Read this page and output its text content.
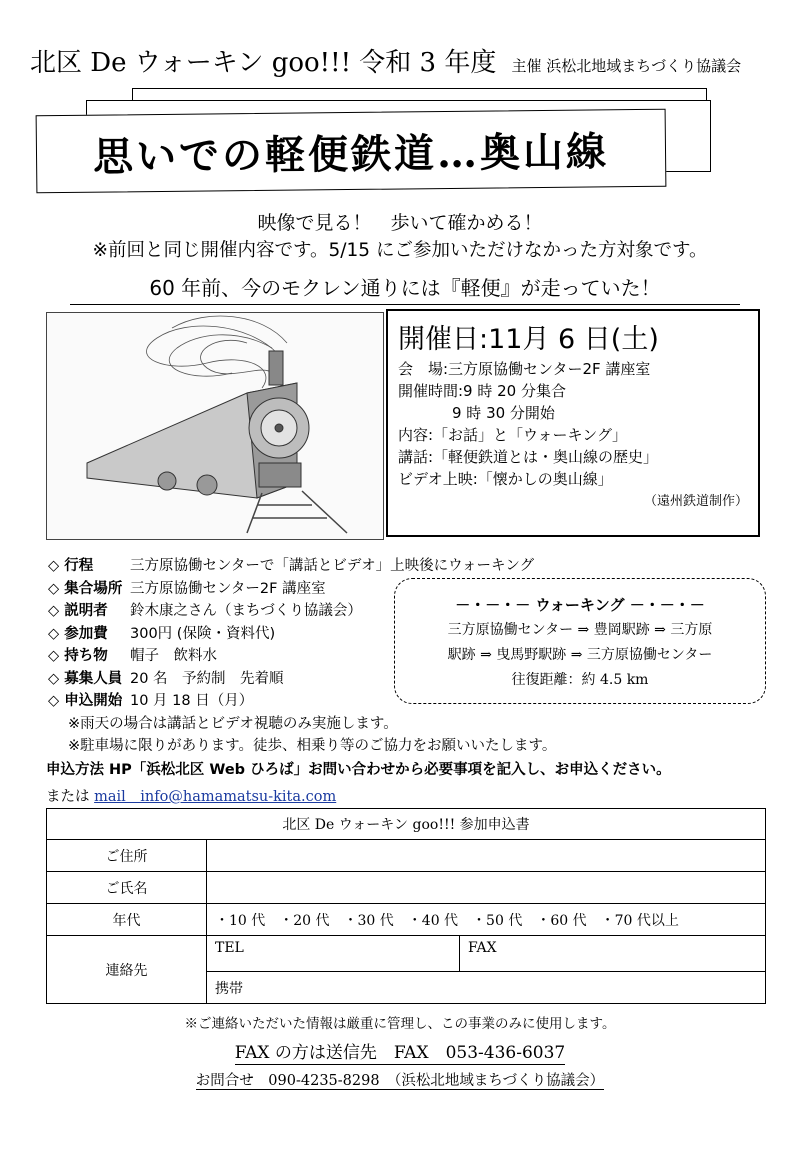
北区 De ウォーキン goo!!! 令和 3 年度 主催 浜松北地域まちづくり協議会
思いでの軽便鉄道…奥山線
映像で見る！　歩いて確かめる！
※前回と同じ開催内容です。5/15 にご参加いただけなかった方対象です。
60 年前、今のモクレン通りには『軽便』が走っていた！
開催日:11月 6 日(土)
会　場:三方原協働センター2F 講座室
開催時間:9 時 20 分集合
9 時 30 分開始
内容:「お話」と「ウォーキング」
講話:「軽便鉄道とは・奥山線の歴史」
ビデオ上映:「懐かしの奥山線」
（遠州鉄道制作）
◇ 行程	三方原協働センターで「講話とビデオ」上映後にウォーキング
◇ 集合場所 三方原協働センター2F 講座室
◇ 説明者 鈴木康之さん（まちづくり協議会）
◇ 参加費 300円 (保険・資料代)
◇ 持ち物 帽子　飲料水
◇ 募集人員 20 名　予約制　先着順
◇ 申込開始 10 月 18 日（月）
※雨天の場合は講話とビデオ視聴のみ実施します。
※駐車場に限りがあります。徒歩、相乗り等のご協力をお願いいたします。
－・－・－ ウォーキング －・－・－
三方原協働センター ⇒ 豊岡駅跡 ⇒ 三方原
駅跡 ⇒ 曳馬野駅跡 ⇒ 三方原協働センター
往復距離：約 4.5 km
申込方法 HP「浜松北区 Web ひろば」お問い合わせから必要事項を記入し、お申込ください。
または mail　info@hamamatsu-kita.com
北区 De ウォーキン goo!!! 参加申込書		
ご住所		
ご氏名		
年代	・10 代　・20 代　・30 代　・40 代　・50 代　・60 代　・70 代以上	
連絡先	TEL	FAX
	携帯	
※ご連絡いただいた情報は厳重に管理し、この事業のみに使用します。
FAX の方は送信先　FAX　053-436-6037
お問合せ　090-4235-8298　（浜松北地域まちづくり協議会）
